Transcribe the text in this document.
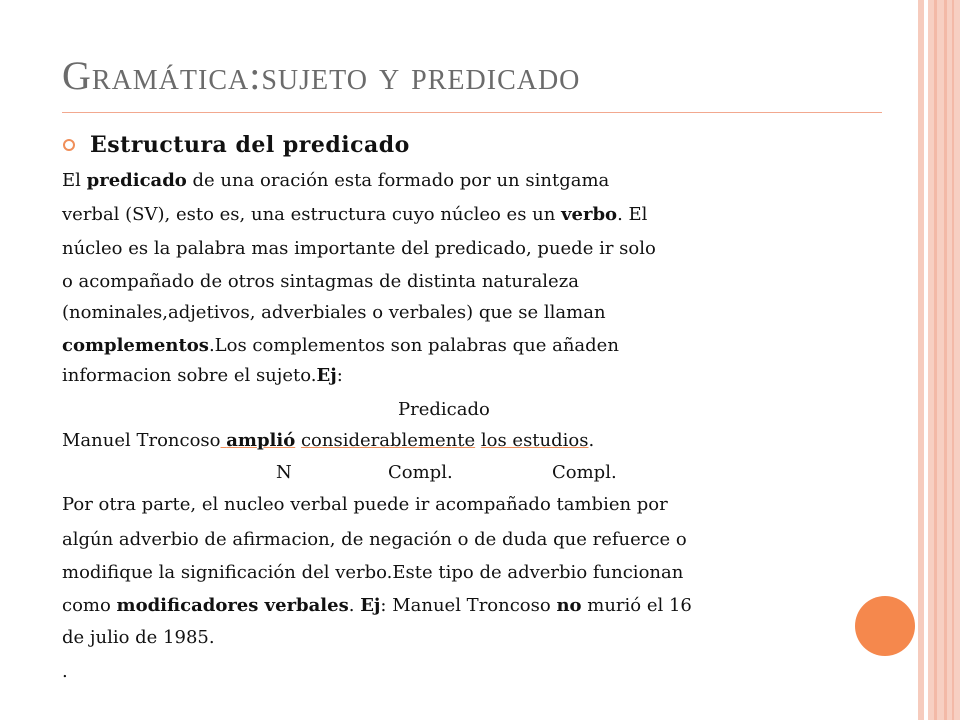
Gramática:sujeto y predicado
Estructura del predicado
El predicado de una oración esta formado por un sintgama
verbal (SV), esto es, una estructura cuyo núcleo es un verbo. El
núcleo es la palabra mas importante del predicado, puede ir solo
o acompañado de otros sintagmas de distinta naturaleza
(nominales,adjetivos, adverbiales o verbales) que se llaman
complementos.Los complementos son palabras que añaden
informacion sobre el sujeto.Ej:
Predicado
Manuel Troncoso amplió considerablemente los estudios.
N	Compl.	Compl.
Por otra parte, el nucleo verbal puede ir acompañado tambien por
algún adverbio de afirmacion, de negación o de duda que refuerce o
modifique la significación del verbo.Este tipo de adverbio funcionan
como modificadores verbales. Ej: Manuel Troncoso no murió el 16
de julio de 1985.
.
